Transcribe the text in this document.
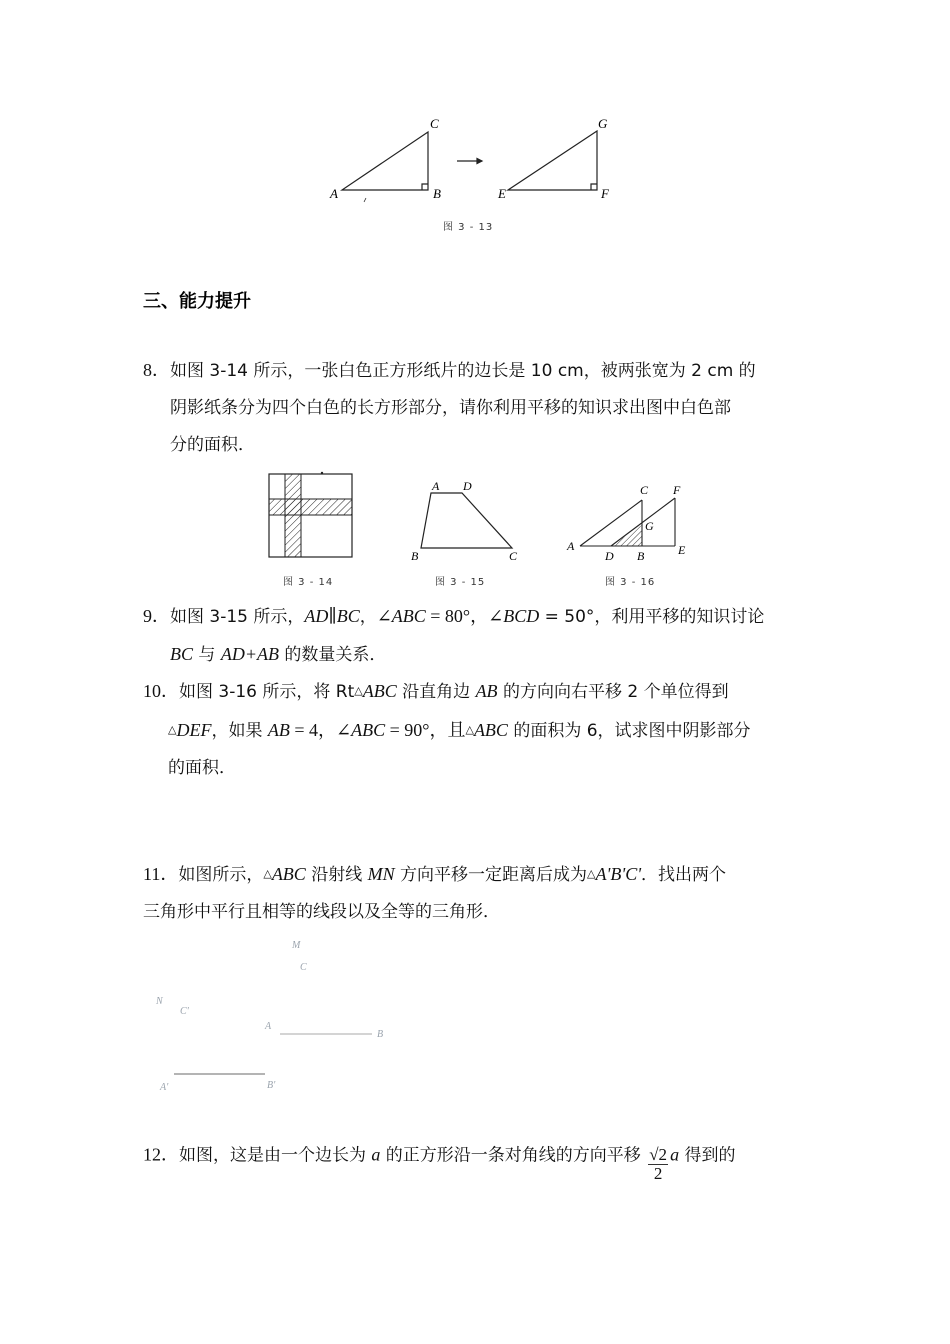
A	B
C
E	F
G
图 3 - 13
三、能力提升
8．如图 3-14 所示，一张白色正方形纸片的边长是 10 cm，被两张宽为 2 cm 的
阴影纸条分为四个白色的长方形部分，请你利用平移的知识求出图中白色部
分的面积．
图 3 - 14
A D
B	C
图 3 - 15
A
D B	E
C F
G
图 3 - 16
9．如图 3-15 所示，AD∥BC，∠ABC = 80°，∠BCD = 50°，利用平移的知识讨论
BC 与 AD+AB 的数量关系．
10．如图 3-16 所示，将 Rt△ABC 沿直角边 AB 的方向向右平移 2 个单位得到
△DEF，如果 AB = 4，∠ABC = 90°，且△ABC 的面积为 6，试求图中阴影部分
的面积．
11．如图所示，△ABC 沿射线 MN 方向平移一定距离后成为△A'B'C'．找出两个
三角形中平行且相等的线段以及全等的三角形．
M
C
N
C'
A
B
A'	B'
12．如图，这是由一个边长为 a 的正方形沿一条对角线的方向平移 $\frac{√2}{2}$ a 得到的
